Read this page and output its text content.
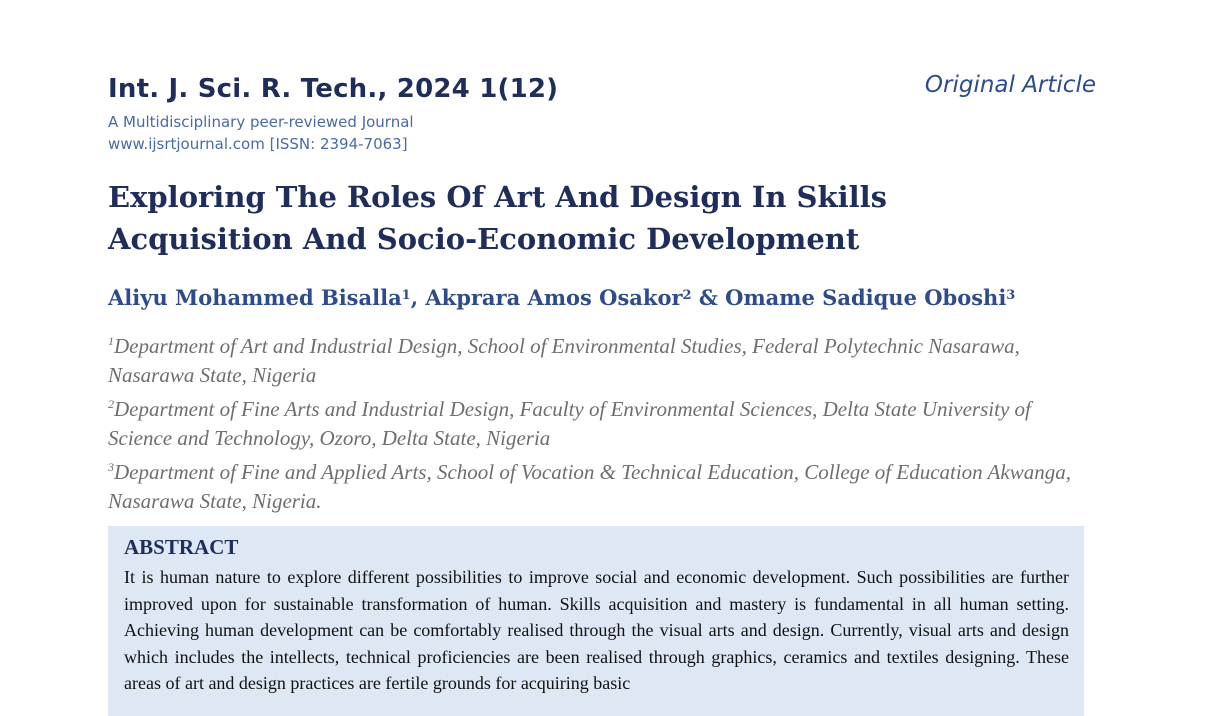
Int. J. Sci. R. Tech., 2024 1(12)	Original Article
A Multidisciplinary peer-reviewed Journal
www.ijsrtjournal.com [ISSN: 2394-7063]
Exploring The Roles Of Art And Design In Skills
Acquisition And Socio-Economic Development
Aliyu Mohammed Bisalla$^1$, Akprara Amos Osakor$^2$ & Omame Sadique Oboshi$^3$
$^1$Department of Art and Industrial Design, School of Environmental Studies, Federal Polytechnic Nasarawa, Nasarawa State, Nigeria
$^2$Department of Fine Arts and Industrial Design, Faculty of Environmental Sciences, Delta State University of Science and Technology, Ozoro, Delta State, Nigeria
$^3$Department of Fine and Applied Arts, School of Vocation & Technical Education, College of Education Akwanga, Nasarawa State, Nigeria.
ABSTRACT
It is human nature to explore different possibilities to improve social and economic development. Such possibilities are further improved upon for sustainable transformation of human. Skills acquisition and mastery is fundamental in all human setting.  Achieving human development can be comfortably realised through the visual arts and design. Currently, visual arts and design which includes the intellects, technical proficiencies are been realised through graphics, ceramics and textiles designing. These areas of art and design practices are fertile grounds for acquiring basic
